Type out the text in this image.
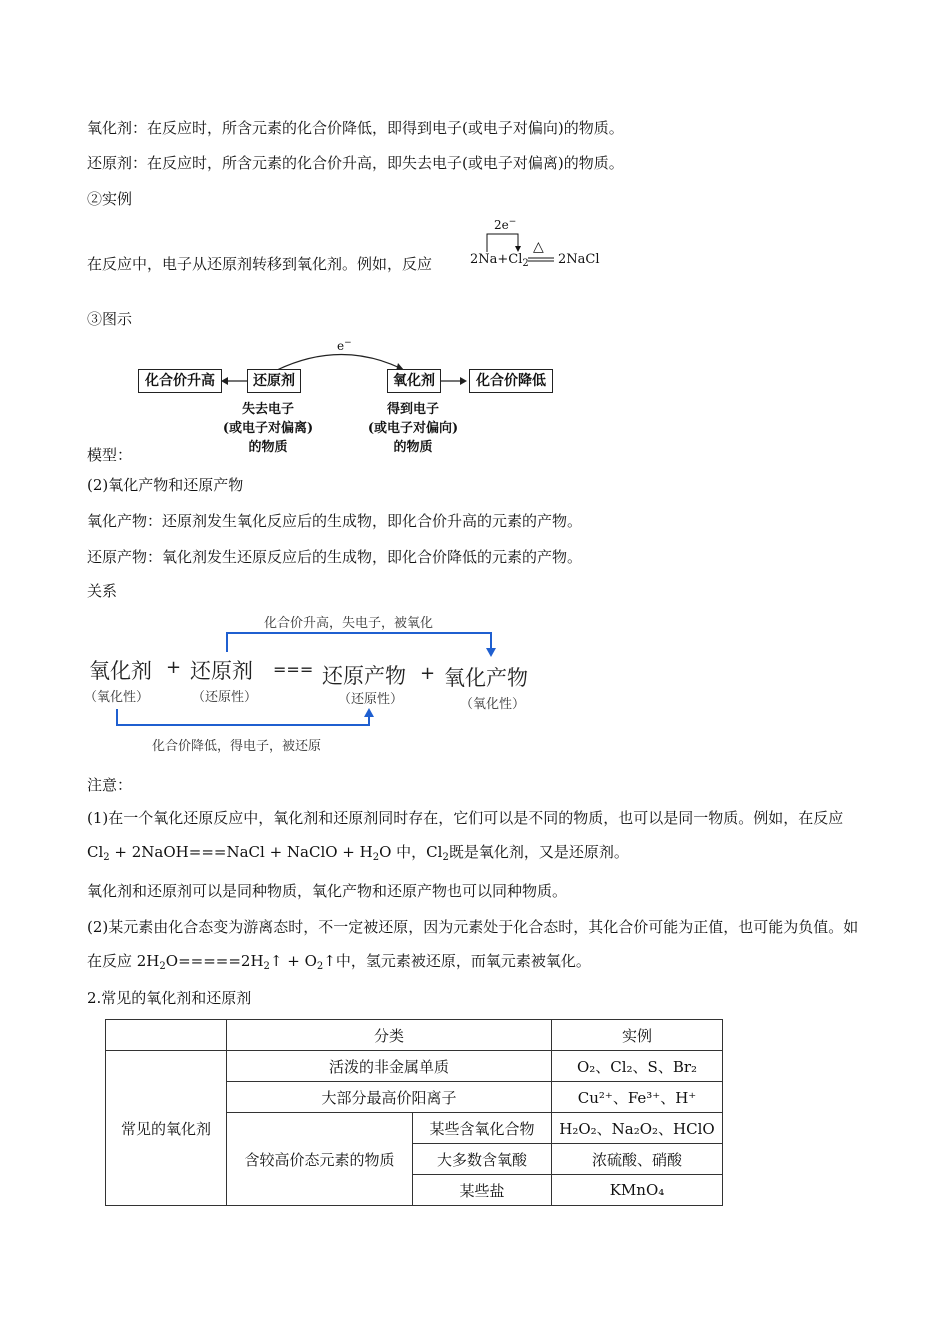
氧化剂：在反应时，所含元素的化合价降低，即得到电子(或电子对偏向)的物质。
还原剂：在反应时，所含元素的化合价升高，即失去电子(或电子对偏离)的物质。
②实例
在反应中，电子从还原剂转移到氧化剂。例如，反应
2e−
$2Na+Cl_2$
△
2NaCl
③图示
e−
化合价升高	还原剂	氧化剂	化合价降低
失去电子
(或电子对偏离)
的物质
得到电子
(或电子对偏向)
的物质
模型：
(2)氧化产物和还原产物
氧化产物：还原剂发生氧化反应后的生成物，即化合价升高的元素的产物。
还原产物：氧化剂发生还原反应后的生成物，即化合价降低的元素的产物。
关系
化合价升高，失电子，被氧化
氧化剂 + 还原剂 === 还原产物 + 氧化产物
（氧化性）	（还原性）	（还原性）	（氧化性）
化合价降低，得电子，被还原
注意：
(1)在一个氧化还原反应中，氧化剂和还原剂同时存在，它们可以是不同的物质，也可以是同一物质。例如，在反应 $Cl_2$ + 2NaOH===NaCl + NaClO + $H_2O$ 中，$Cl_2$既是氧化剂，又是还原剂。
氧化剂和还原剂可以是同种物质，氧化产物和还原产物也可以同种物质。
(2)某元素由化合态变为游离态时，不一定被还原，因为元素处于化合态时，其化合价可能为正值，也可能为负值。如在反应 $2H_2O=====2H_2↑$ + $O_2↑$中，氢元素被还原，而氧元素被氧化。
2.常见的氧化剂和还原剂
	分类		实例
常见的氧化剂	活泼的非金属单质		O₂、Cl₂、S、Br₂
	大部分最高价阳离子		Cu²⁺、Fe³⁺、H⁺
	含较高价态元素的物质	某些含氧化合物	H₂O₂、Na₂O₂、HClO
		大多数含氧酸	浓硫酸、硝酸
		某些盐	KMnO₄
